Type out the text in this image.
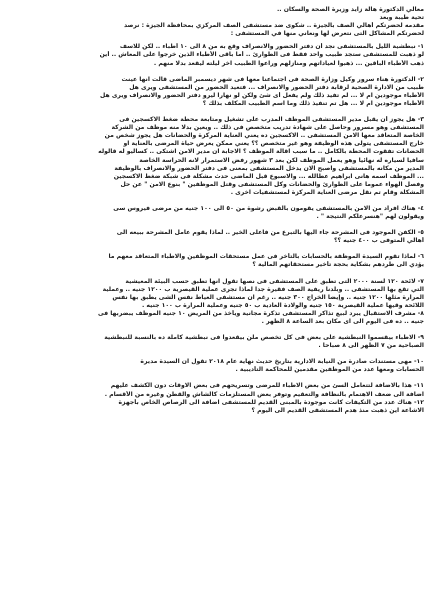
معالي الدكتورة هالة زايد وزيرة الصحة والسكان ..
تحية طيبة وبعد
مقدمه لحضرتكم أهالي الصف بالجيزة .. شكوى ضد مستشفى الصف المركزي بمحافظة الجيزة : نرصد
لحضرتكم المشاكل التى نتعرض لها ونعاني منها في المستشفى :
١- نبطشية الليل بالمستشفى نجد أن دفتر الحضور والانصراف وقع به من ٨ الى ١٠ أطباء .. لكن للاسف
لو ذهبت للمستشفى ستجد طبيب واحد فقط فى الطوارئ .. أما باقى الأطباء الذين خرجوا على المعاش .. أين
ذهب الأطباء الباقين ... ذهبوا لعياداتهم ومنازلهم وراعوا الطبيب آخر ليلته ليقعد بدلا منهم .
٢- الدكتورة هناء سرور وكيل وزارة الصحة فى اجتماعنا معها فى شهر ديسمبر الماضى قالت انها عينت
طبيب من الادارة الصحية لرقابة دفتر الحضور والانصراف ... فتعيد الحضور من المستشفى ويرى هل
الأطباء موجودين ام لا ... لم تفيد ذلك ولم يفعل أى شئ ولكن لو نهارا ليرو دفتر الحضور والانصراف ويرى هل
الأطباء موجودين ام لا ... هل تم تنفيذ ذلك وما اسم الطبيب المكلف بذلك ؟
٣- هل يجوز أن يقبل مدير المستشفى الموظف المدرب على تشغيل ومتابعة محطة ضغط الاكسجين فى
المستشفى وهو مسرور وحاصل على شهادة تدريب متخصص فى ذلك .. ويعين بدلا منه موظف من الشركة
الخاصة المتعاقد معها الامن المستشفى .. الاكسجين ده يعني العناية المركزة والحضانات هل يجوز شخص من
خارج المستشفى يتولى هذه الوظيفة وهو غير متخصص ؟؟ يعني ممكن يعرض حياة المرضى بالعناية او
الحضانات تفقوت المحطة بالكامل .. ما سبب اقالة الموظف ؟ الاجابة ان مدير الامن اشتكى .. كساليو له قالوله
سافيا لسياره له نهائيا وهو يعمل الموظف لكن بعد ٣ شهور رفض الاستمرار لانه الحراسة الخاصة
المدير من مكانه بالمستشفى واصبح الان يدخل المستشفى بمعنى فى دفتر الحضور والانصراف بالوظيفة
... الموظف اسمه هانى ابراهيم عطالله ... والاسبوع قبل الماضى حدث مشكلة فى شبكة ضغط الاكسجين
وفصل الهواء عموما على الطوارئ والحضانات وكل المستشفى وقتل الموظفين " بنوع الامن " عن حل
المشكلة وقام تم نقل مرضى العناية المركزة لمستشفيات اخرى .
٤- هناك افراد من الامن بالمستشفى يقومون بالقبض رشوة من ٥٠ الى ١٠٠ جنيه من مرضى فيروس سى
ويقولون لهم "هنسرعلكم النتيجة " .
٥- الكفن الموجود فى المشرحة جاء اليها بالتبرع من فاعلى الخير .. لماذا يقوم عامل المشرحة ببيعه الى
أهالي المتوفى ب ٤٠٠ جنيه ؟؟
٦- لماذا تقوم السيدة الموظفة بالحسابات بالتأخر فى عمل مستحقات الموظفين والاطباء المتعاقد معهم ما
يؤدي الى طردهم بشكاية بحجة تأخير مستحقاتهم المالية ؟
٧- لائحة ١٢٠ لسنة ٢٠٠٠ التى تطبق على المستشفى فى نصها تقول انها تطبق حسب البيئة المعيشية
التي تقع بها المستشفى .. وبلدنا ريفية الصف فقيرة جدا لماذا تجرى عملية القيصرية ب ١٢٠٠ جنيه .. وعملية
المرارة مثلها ١٢٠٠ جنيه .. وإيضا الخراج ٣٠٠ جنيه .. رغم ان مستشفى العياط نفس الشى يطبق بها نفس
اللائحة وقيها عملية القيصرية ١٥٠ جنيه والولادة العادية ب ٥٠ جنيه وعملية المرارة ب ١٠٠ جنيه .
٨- مشرف الاستقبال يبرد لبيع تذاكر المستشفى تذكرة مجانية ويأخذ من المريض ١٠ جنيه الموظف يبضربها فى
جنيه .. ده فى اليوم الى اى مكان بعد الساعة ٨ الظهر .
٩- الاطباء بيقسموا النبطشية على بعض فى كل تخصص ملن بيقعدوا فى نبطشية كاملة ده بالنسبة للنبطشية
الصباحية من ٧ الظهر الى ٨ صباحا .
١٠- مهى مستندات صادرة من النيابة الادارية بتاريخ حديث نهاية عام ٢٠١٨ تقول ان السيدة مديرة
الحسابات ومعها عدد من الموظفين مقدمين للمحاكمة التأديبية .
١١- هذا بالاضافة لتتعامل السئ من بعض الاطباء للمرضى وتسريحهم فى بعض الاوقات دون الكشف عليهم
اضافة الى ضعف الاهتمام بالنظافة والتعقيم وتوفر بعض المستلزمات كالشاش والقطن وغيره من الأقسام .
١٢- هناك عدد من التكيفات كانت موجودة بالمبنى القديم للمستشفى اضافة الى الرصاص الخاص بأجهزة
الاشاعة اين ذهبت منذ هدم المستشفى القديم الى اليوم ؟
